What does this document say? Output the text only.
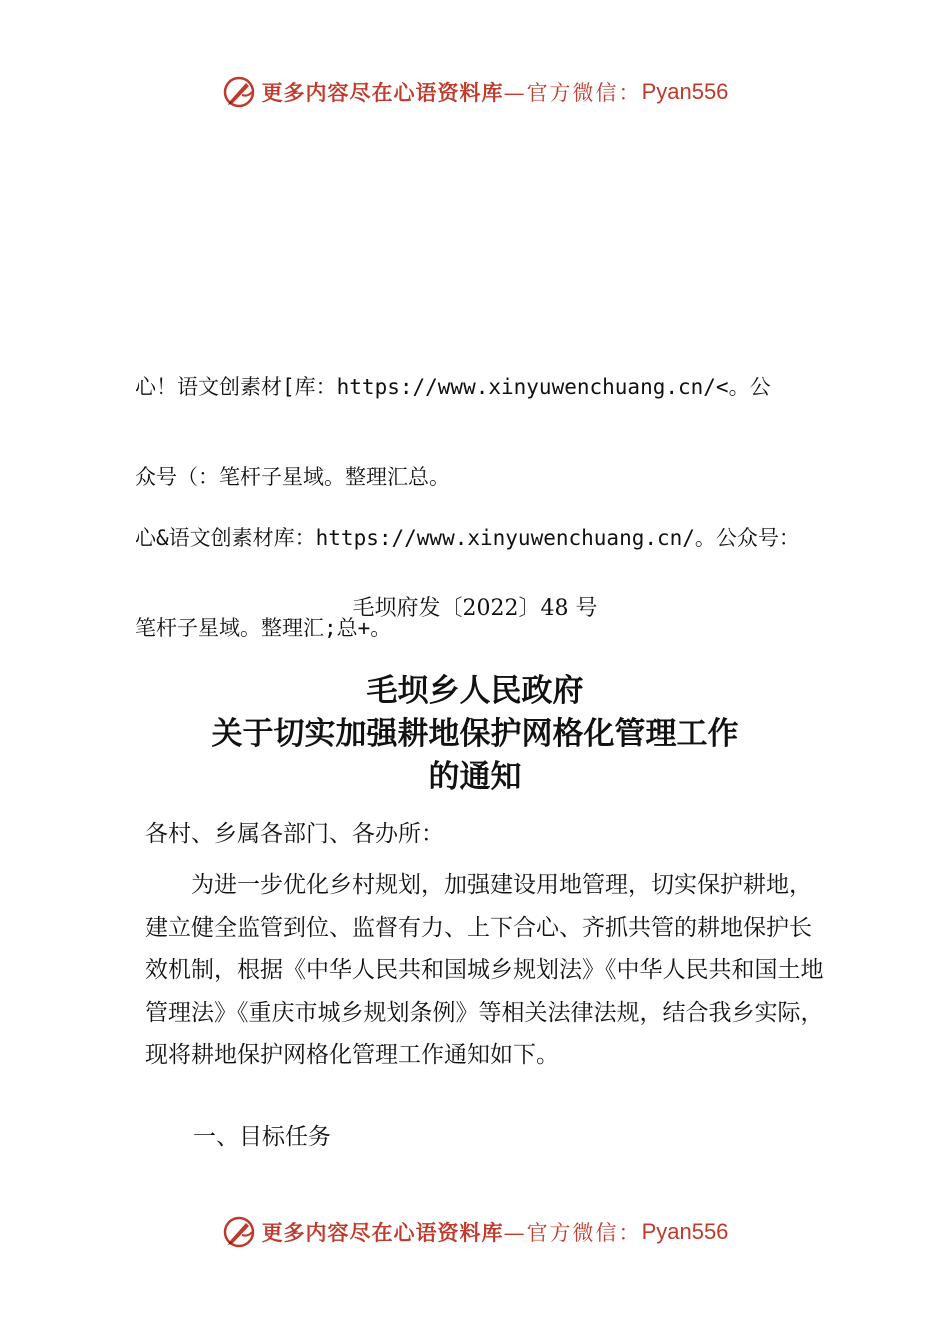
更多内容尽在心语资料库 —官方微信： Pyan556

心！语文创素材[库：https://www.xinyuwenchuang.cn/<。公

众号（：笔杆子星域。整理汇总。

心&语文创素材库：https://www.xinyuwenchuang.cn/。公众号：

笔杆子星域。整理汇;总+。

毛坝府发〔2022〕48 号
毛坝乡人民政府
关于切实加强耕地保护网格化管理工作
的通知
各村、乡属各部门、各办所：
为进一步优化乡村规划，加强建设用地管理，切实保护耕地，建立健全监管到位、监督有力、上下合心、齐抓共管的耕地保护长效机制，根据《中华人民共和国城乡规划法》《中华人民共和国土地管理法》《重庆市城乡规划条例》等相关法律法规，结合我乡实际，现将耕地保护网格化管理工作通知如下。
一、目标任务
更多内容尽在心语资料库 —官方微信： Pyan556
